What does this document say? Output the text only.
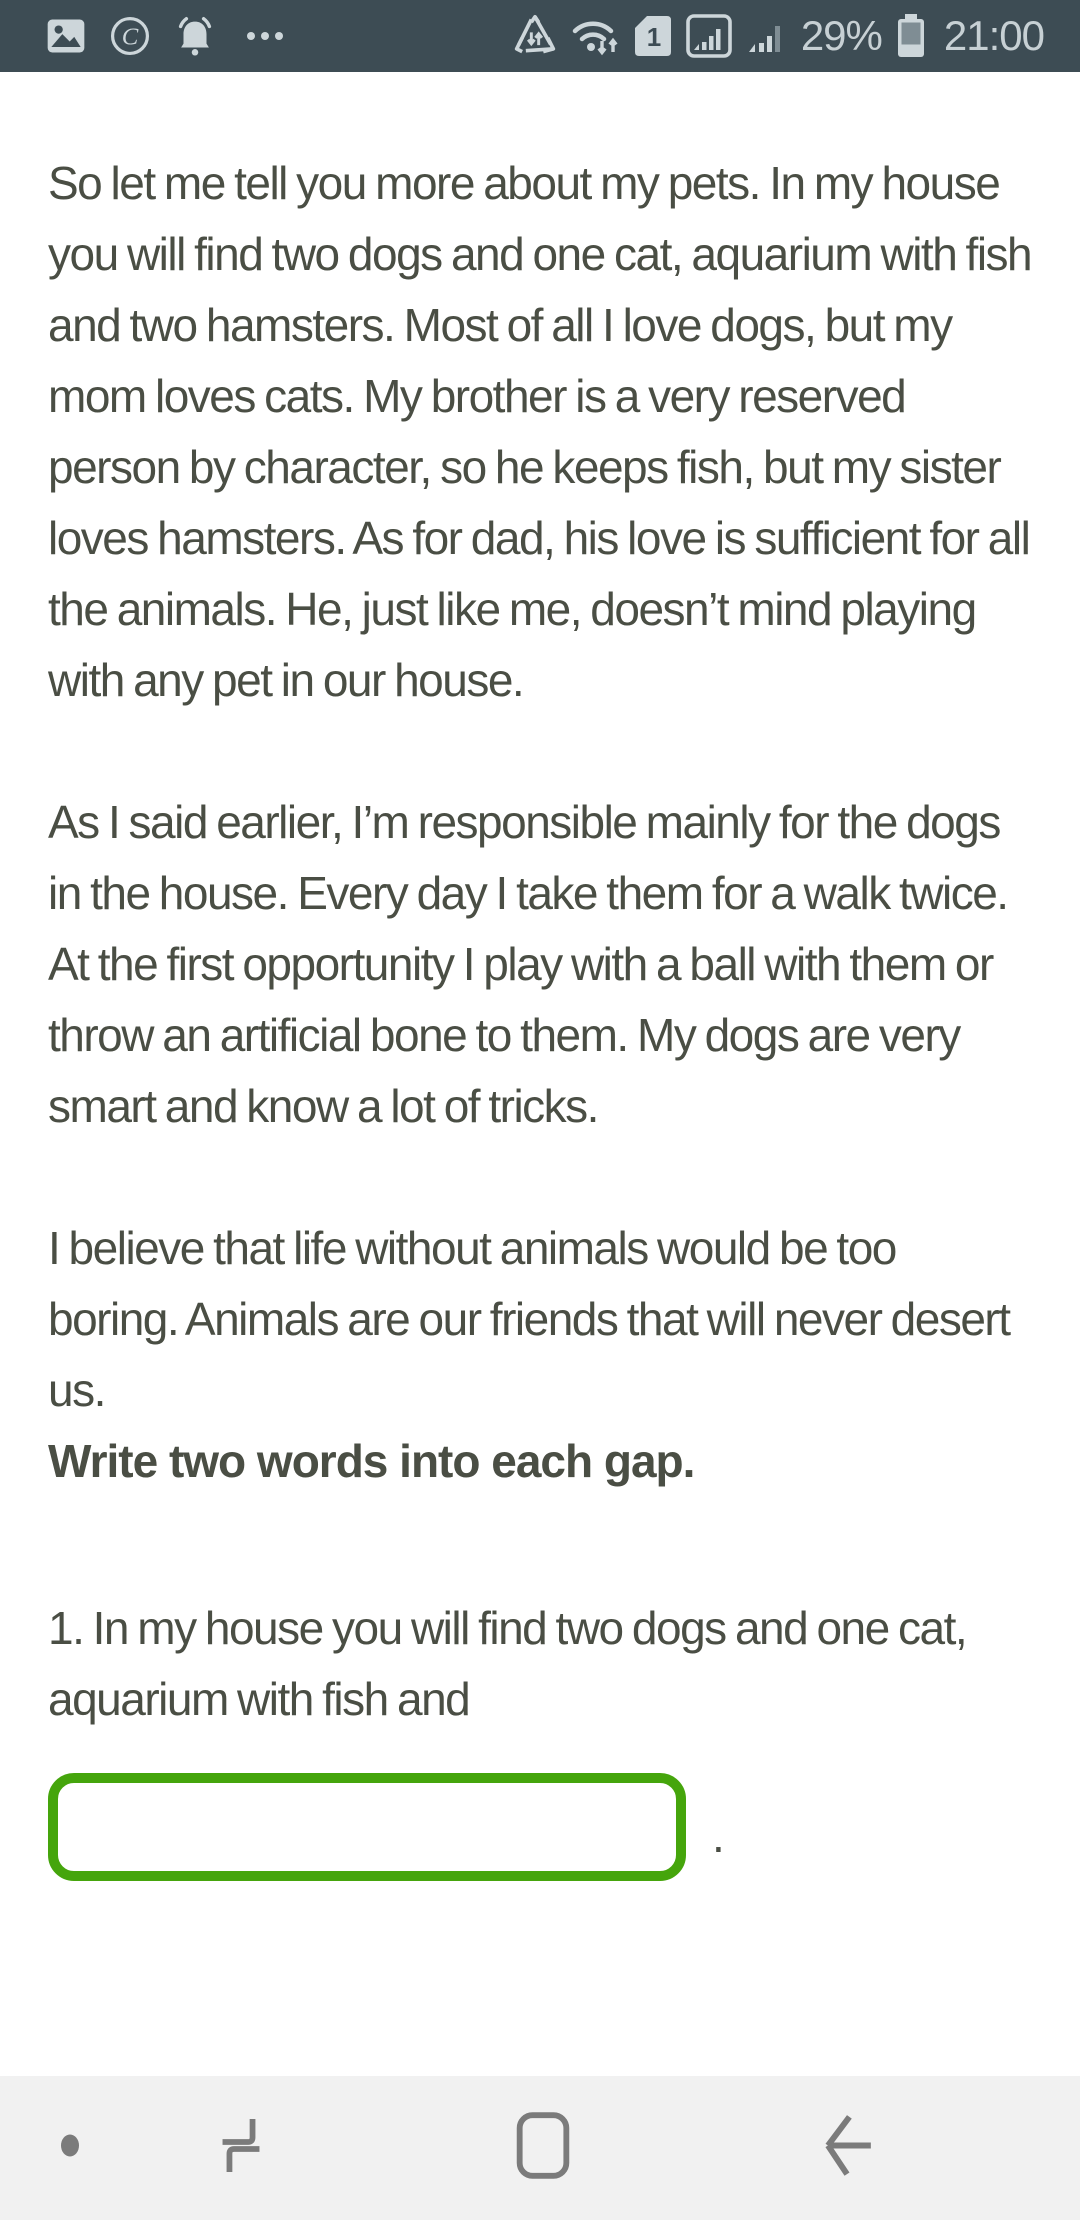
C	1	29% 21:00

So let me tell you more about my pets. In my house you will find two dogs and one cat, aquarium with fish and two hamsters. Most of all I love dogs, but my mom loves cats. My brother is a very reserved person by character, so he keeps fish, but my sister loves hamsters. As for dad, his love is sufficient for all the animals. He, just like me, doesn’t mind playing with any pet in our house.

As I said earlier, I’m responsible mainly for the dogs in the house. Every day I take them for a walk twice. At the first opportunity I play with a ball with them or throw an artificial bone to them. My dogs are very smart and know a lot of tricks.

I believe that life without animals would be too boring. Animals are our friends that will never desert us.

Write two words into each gap.
1. In my house you will find two dogs and one cat, aquarium with fish and
.
